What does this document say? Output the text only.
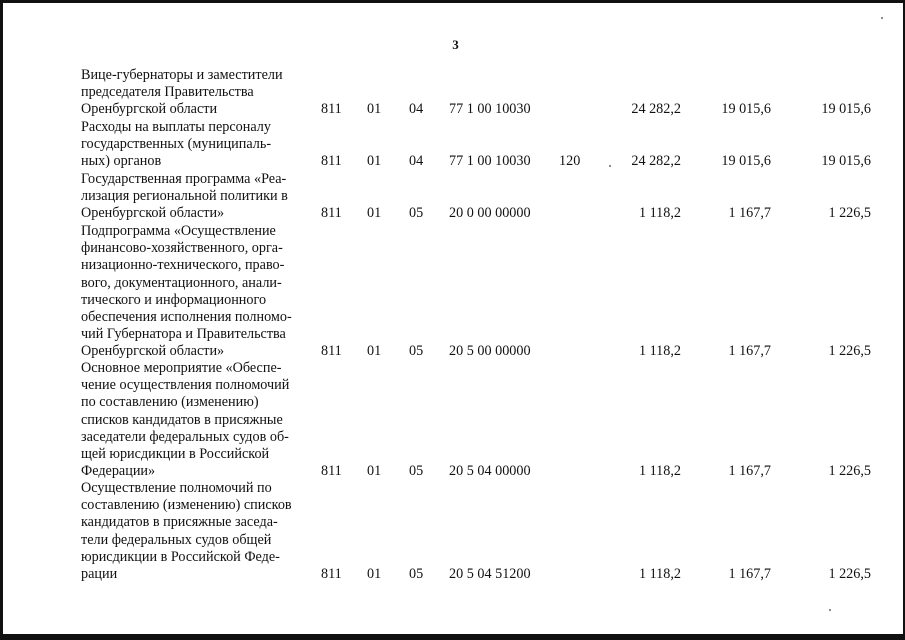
3
Вице-губернаторы и заместители
председателя Правительства
Оренбургской области	811 01 04 77 1 00 10030	24 282,2	19 015,6	19 015,6
Расходы на выплаты персоналу
государственных (муниципаль-
ных) органов	811 01 04 77 1 00 10030 120	24 282,2	19 015,6	19 015,6
Государственная программа «Реа-
лизация региональной политики в
Оренбургской области»	811 01 05 20 0 00 00000	1 118,2	1 167,7	1 226,5
Подпрограмма «Осуществление
финансово-хозяйственного, орга-
низационно-технического, право-
вого, документационного, анали-
тического и информационного
обеспечения исполнения полномо-
чий Губернатора и Правительства
Оренбургской области»	811 01 05 20 5 00 00000	1 118,2	1 167,7	1 226,5
Основное мероприятие «Обеспе-
чение осуществления полномочий
по составлению (изменению)
списков кандидатов в присяжные
заседатели федеральных судов об-
щей юрисдикции в Российской
Федерации»	811 01 05 20 5 04 00000	1 118,2	1 167,7	1 226,5
Осуществление полномочий по
составлению (изменению) списков
кандидатов в присяжные заседа-
тели федеральных судов общей
юрисдикции в Российской Феде-
рации	811 01 05 20 5 04 51200	1 118,2	1 167,7	1 226,5
